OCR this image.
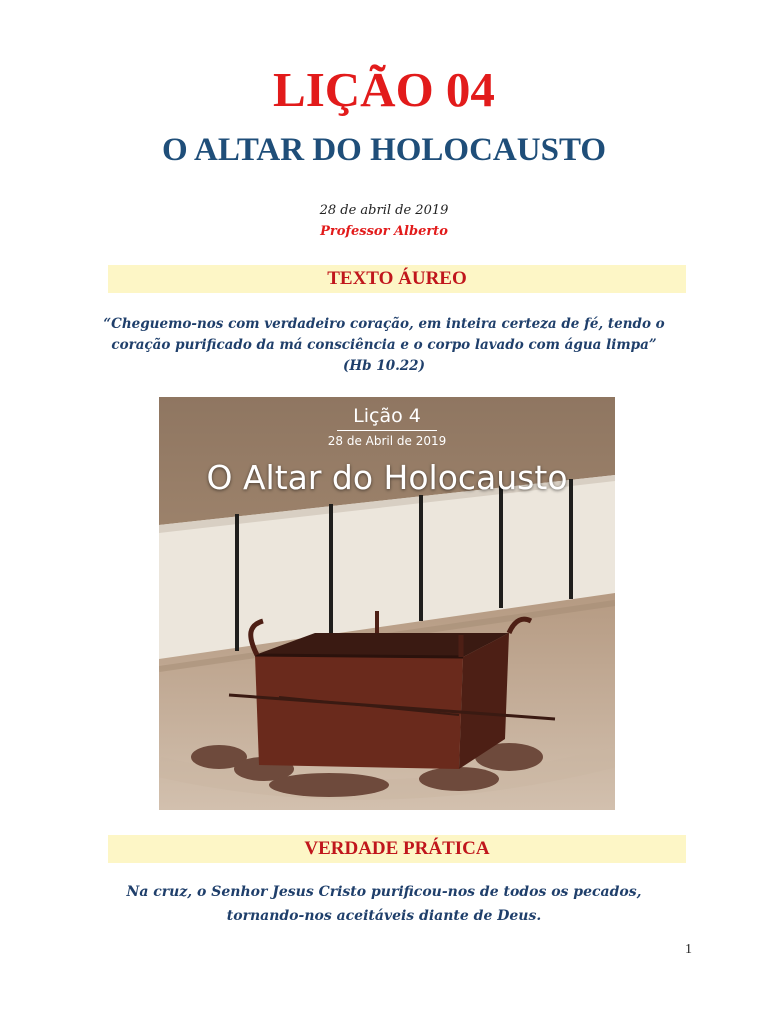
LIÇÃO 04
O ALTAR DO HOLOCAUSTO
28 de abril de 2019
Professor Alberto
TEXTO ÁUREO
“Cheguemo-nos com verdadeiro coração, em inteira certeza de fé, tendo o
coração purificado da má consciência e o corpo lavado com água limpa”
(Hb 10.22)
Lição 4
28 de Abril de 2019
O Altar do Holocausto
VERDADE PRÁTICA
Na cruz, o Senhor Jesus Cristo purificou-nos de todos os pecados,
tornando-nos aceitáveis diante de Deus.
1
